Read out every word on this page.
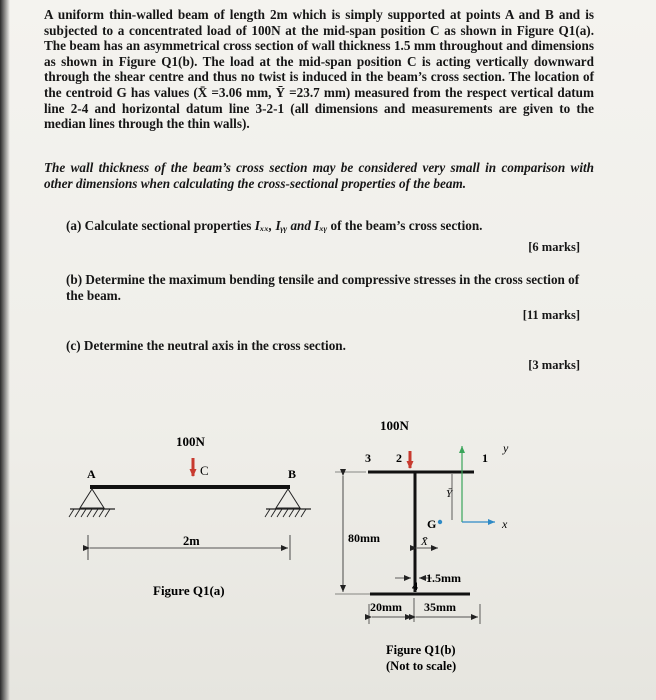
A uniform thin-walled beam of length 2m which is simply supported at points A and B and is subjected to a concentrated load of 100N at the mid-span position C as shown in Figure Q1(a). The beam has an asymmetrical cross section of wall thickness 1.5 mm throughout and dimensions as shown in Figure Q1(b). The load at the mid-span position C is acting vertically downward through the shear centre and thus no twist is induced in the beam’s cross section. The location of the centroid G has values (X̄ =3.06 mm, Ȳ =23.7 mm) measured from the respect vertical datum line 2-4 and horizontal datum line 3-2-1 (all dimensions and measurements are given to the median lines through the thin walls).

The wall thickness of the beam’s cross section may be considered very small in comparison with other dimensions when calculating the cross-sectional properties of the beam.

(a) Calculate sectional properties Iₓₓ, Iᵧᵧ and Iₓᵧ of the beam’s cross section.

[6 marks]

(b) Determine the maximum bending tensile and compressive stresses in the cross section of the beam.

[11 marks]

(c) Determine the neutral axis in the cross section.

[3 marks]
100N
C
A	B
2m
Figure Q1(a)
100N
3 2	1
y
x
Ȳ
G
X̄
80mm
4
1.5mm
20mm 35mm
Figure Q1(b)
(Not to scale)
